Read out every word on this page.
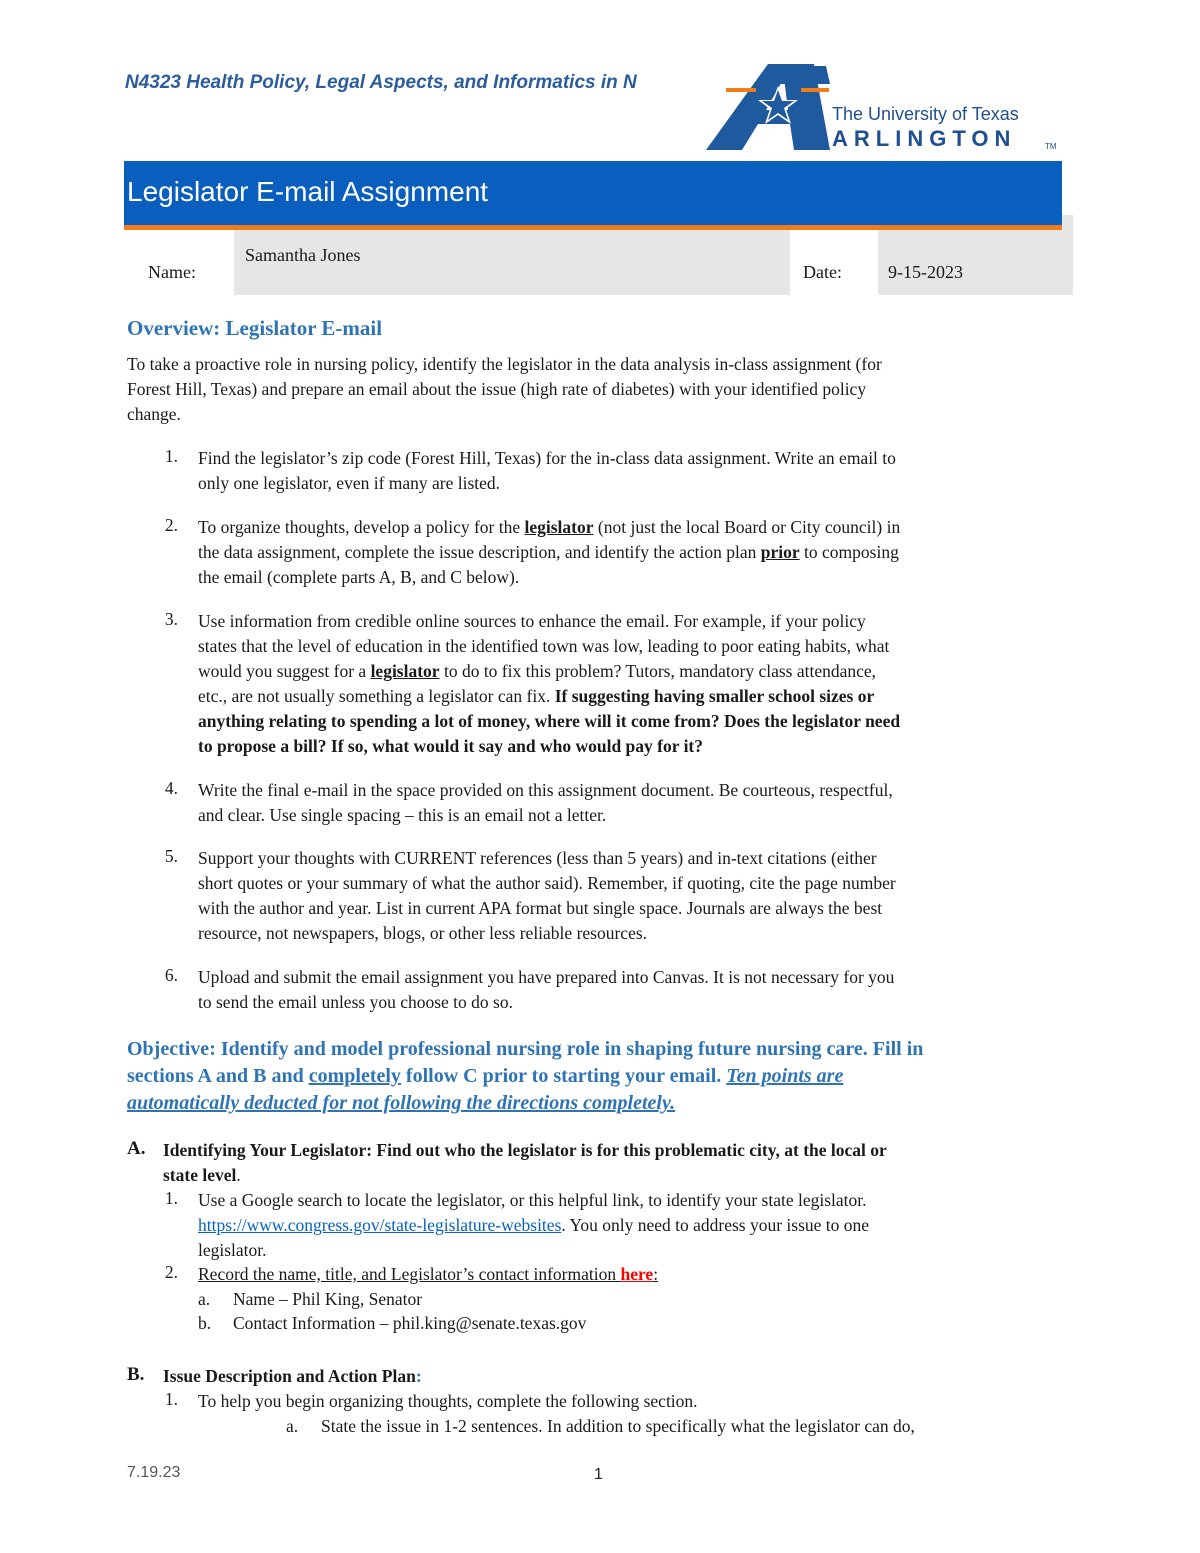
N4323 Health Policy, Legal Aspects, and Informatics in N
The University of Texas
ARLINGTON	TM
Legislator E-mail Assignment
Name:
Samantha Jones
Date:	9-15-2023
Overview: Legislator E-mail
To take a proactive role in nursing policy, identify the legislator in the data analysis in-class assignment (for
Forest Hill, Texas) and prepare an email about the issue (high rate of diabetes) with your identified policy
change.
1. Find the legislator’s zip code (Forest Hill, Texas) for the in-class data assignment. Write an email to
only one legislator, even if many are listed.
2. To organize thoughts, develop a policy for the legislator (not just the local Board or City council) in
the data assignment, complete the issue description, and identify the action plan prior to composing
the email (complete parts A, B, and C below).
3. Use information from credible online sources to enhance the email. For example, if your policy
states that the level of education in the identified town was low, leading to poor eating habits, what
would you suggest for a legislator to do to fix this problem? Tutors, mandatory class attendance,
etc., are not usually something a legislator can fix. If suggesting having smaller school sizes or
anything relating to spending a lot of money, where will it come from? Does the legislator need
to propose a bill? If so, what would it say and who would pay for it?
4. Write the final e-mail in the space provided on this assignment document. Be courteous, respectful,
and clear. Use single spacing – this is an email not a letter.
5. Support your thoughts with CURRENT references (less than 5 years) and in-text citations (either
short quotes or your summary of what the author said). Remember, if quoting, cite the page number
with the author and year. List in current APA format but single space. Journals are always the best
resource, not newspapers, blogs, or other less reliable resources.
6. Upload and submit the email assignment you have prepared into Canvas. It is not necessary for you
to send the email unless you choose to do so.
Objective: Identify and model professional nursing role in shaping future nursing care. Fill in
sections A and B and completely follow C prior to starting your email. Ten points are
automatically deducted for not following the directions completely.
A. Identifying Your Legislator: Find out who the legislator is for this problematic city, at the local or
state level.
1. Use a Google search to locate the legislator, or this helpful link, to identify your state legislator.
https://www.congress.gov/state-legislature-websites. You only need to address your issue to one
legislator.
2. Record the name, title, and Legislator’s contact information here:
a. Name – Phil King, Senator
b. Contact Information – phil.king@senate.texas.gov
B. Issue Description and Action Plan:
1. To help you begin organizing thoughts, complete the following section.
a. State the issue in 1-2 sentences. In addition to specifically what the legislator can do,
7.19.23	1
